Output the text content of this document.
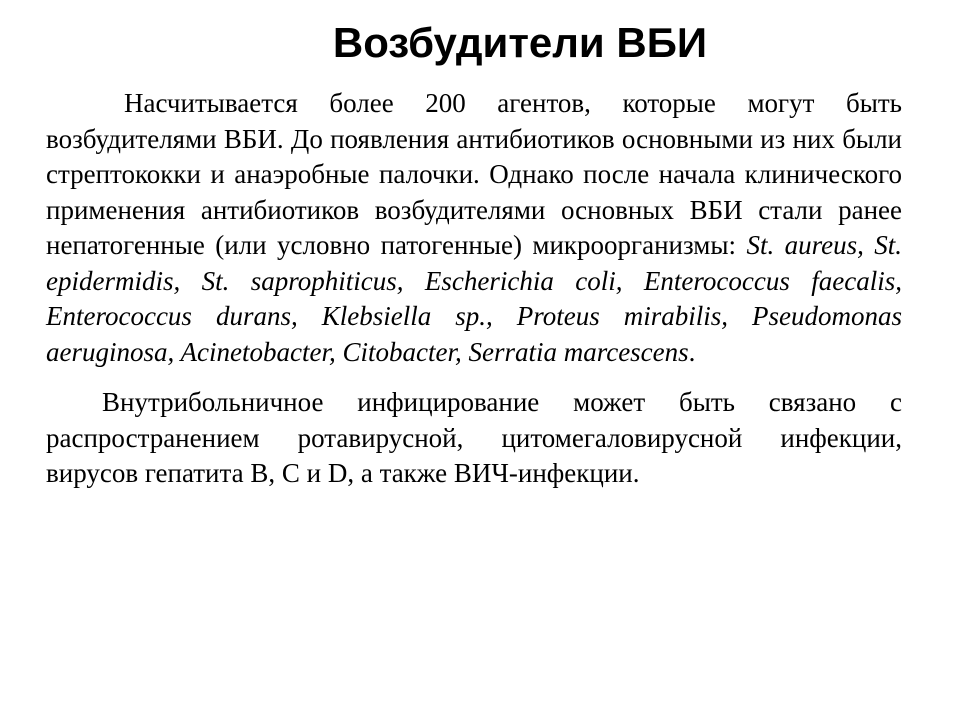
Возбудители ВБИ

Насчитывается более 200 агентов, которые могут быть возбудителями ВБИ. До появления антибиотиков основными из них были стрептококки и анаэробные палочки. Однако после начала клинического применения антибиотиков возбудителями основных ВБИ стали ранее непатогенные (или условно патогенные) микроорганизмы: St. aureus, St. epidermidis, St. saprophiticus, Escherichia coli, Enterococcus faecalis, Enterococcus durans, Klebsiella sp., Proteus mirabilis, Pseudomonas aeruginosa, Acinetobacter, Citobacter, Serratia marcescens.

Внутрибольничное инфицирование может быть связано с распространением ротавирусной, цитомегаловирусной инфекции, вирусов гепатита В, С и D, а также ВИЧ-инфекции.
